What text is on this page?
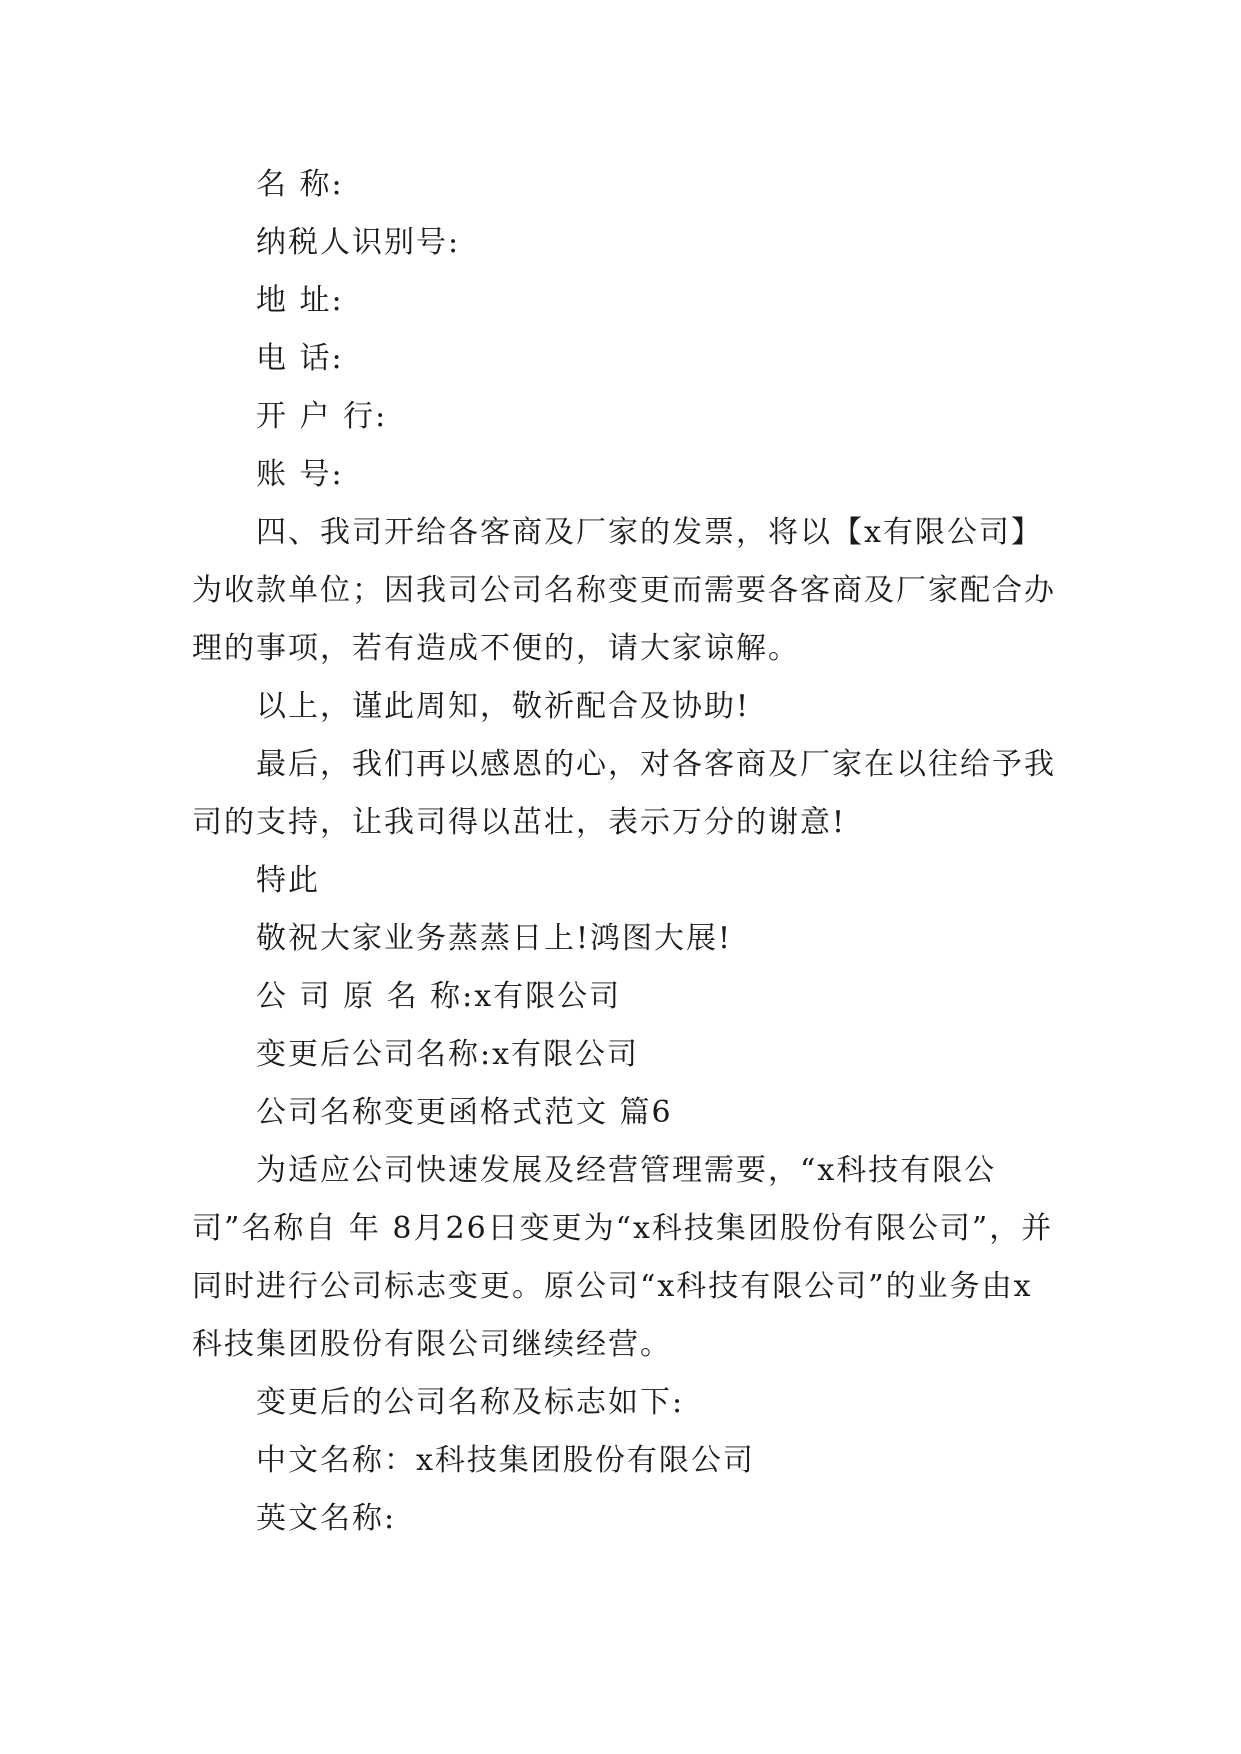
名 称:

纳税人识别号:

地 址:

电 话:

开 户 行:

账 号:

四、我司开给各客商及厂家的发票，将以【x有限公司】为收款单位；因我司公司名称变更而需要各客商及厂家配合办理的事项，若有造成不便的，请大家谅解。

以上，谨此周知，敬祈配合及协助!

最后，我们再以感恩的心，对各客商及厂家在以往给予我司的支持，让我司得以茁壮，表示万分的谢意!

特此

敬祝大家业务蒸蒸日上!鸿图大展!

公 司 原 名 称:x有限公司

变更后公司名称:x有限公司

公司名称变更函格式范文 篇6

为适应公司快速发展及经营管理需要，“x科技有限公司”名称自 年 8月26日变更为“x科技集团股份有限公司”，并同时进行公司标志变更。原公司“x科技有限公司”的业务由x科技集团股份有限公司继续经营。

变更后的公司名称及标志如下:

中文名称：x科技集团股份有限公司

英文名称:
